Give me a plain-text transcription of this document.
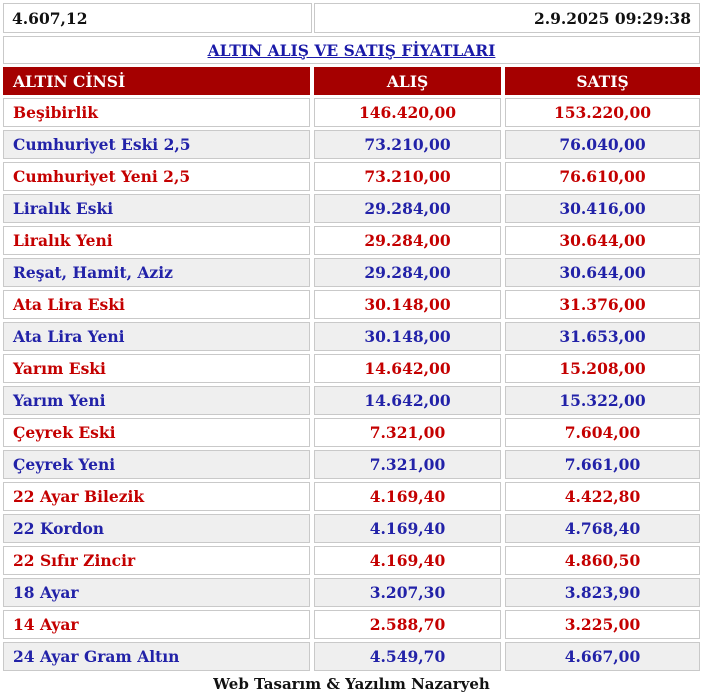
4.607,12	2.9.2025 09:29:38
ALTIN ALIŞ VE SATIŞ FİYATLARI
ALTIN CİNSİ	ALIŞ	SATIŞ
Beşibirlik	146.420,00	153.220,00
Cumhuriyet Eski 2,5	73.210,00	76.040,00
Cumhuriyet Yeni 2,5	73.210,00	76.610,00
Liralık Eski	29.284,00	30.416,00
Liralık Yeni	29.284,00	30.644,00
Reşat, Hamit, Aziz	29.284,00	30.644,00
Ata Lira Eski	30.148,00	31.376,00
Ata Lira Yeni	30.148,00	31.653,00
Yarım Eski	14.642,00	15.208,00
Yarım Yeni	14.642,00	15.322,00
Çeyrek Eski	7.321,00	7.604,00
Çeyrek Yeni	7.321,00	7.661,00
22 Ayar Bilezik	4.169,40	4.422,80
22 Kordon	4.169,40	4.768,40
22 Sıfır Zincir	4.169,40	4.860,50
18 Ayar	3.207,30	3.823,90
14 Ayar	2.588,70	3.225,00
24 Ayar Gram Altın	4.549,70	4.667,00
Web Tasarım & Yazılım Nazaryeh
